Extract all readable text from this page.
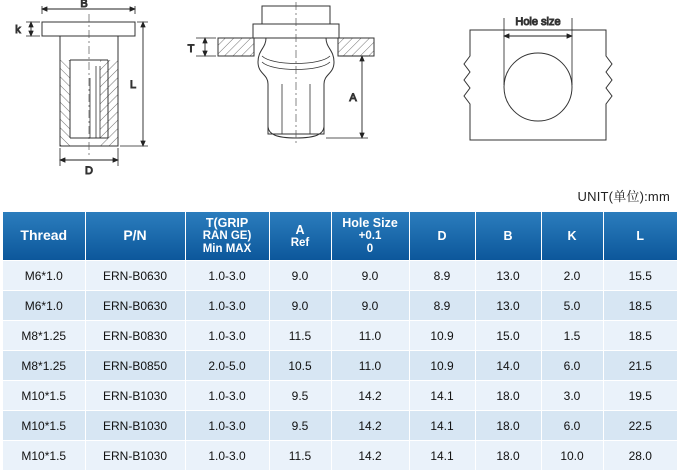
B
k
L
D
T
A
Hole size
UNIT(单位):mm
Thread	P/N	T(GRIP
RAN GE)
Min MAX	A
Ref	Hole Size
+0.1
0	D	B	K	L
M6*1.0	ERN-B0630	1.0-3.0	9.0	9.0	8.9	13.0	2.0	15.5
M6*1.0	ERN-B0630	1.0-3.0	9.0	9.0	8.9	13.0	5.0	18.5
M8*1.25	ERN-B0830	1.0-3.0	11.5	11.0	10.9	15.0	1.5	18.5
M8*1.25	ERN-B0850	2.0-5.0	10.5	11.0	10.9	14.0	6.0	21.5
M10*1.5	ERN-B1030	1.0-3.0	9.5	14.2	14.1	18.0	3.0	19.5
M10*1.5	ERN-B1030	1.0-3.0	9.5	14.2	14.1	18.0	6.0	22.5
M10*1.5	ERN-B1030	1.0-3.0	11.5	14.2	14.1	18.0	10.0	28.0
